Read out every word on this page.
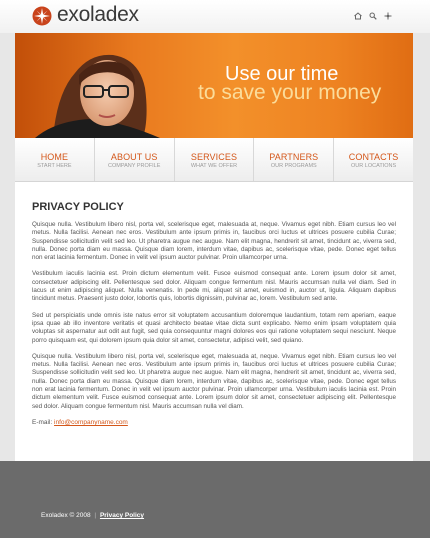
exoladex
Use our time
to save your money
HOME
START HERE
ABOUT US
COMPANY PROFILE
SERVICES
WHAT WE OFFER
PARTNERS
OUR PROGRAMS
CONTACTS
OUR LOCATIONS
PRIVACY POLICY

Quisque nulla. Vestibulum libero nisl, porta vel, scelerisque eget, malesuada at, neque. Vivamus eget nibh. Etiam cursus leo vel metus. Nulla facilisi. Aenean nec eros. Vestibulum ante ipsum primis in, faucibus orci luctus et ultrices posuere cubilia Curae; Suspendisse sollicitudin velit sed leo. Ut pharetra augue nec augue. Nam elit magna, hendrerit sit amet, tincidunt ac, viverra sed, nulla. Donec porta diam eu massa. Quisque diam lorem, interdum vitae, dapibus ac, scelerisque vitae, pede. Donec eget tellus non erat lacinia fermentum. Donec in velit vel ipsum auctor pulvinar. Proin ullamcorper urna.

Vestibulum iaculis lacinia est. Proin dictum elementum velit. Fusce euismod consequat ante. Lorem ipsum dolor sit amet, consectetuer adipiscing elit. Pellentesque sed dolor. Aliquam congue fermentum nisl. Mauris accumsan nulla vel diam. Sed in lacus ut enim adipiscing aliquet. Nulla venenatis. In pede mi, aliquet sit amet, euismod in, auctor ut, ligula. Aliquam dapibus tincidunt metus. Praesent justo dolor, lobortis quis, lobortis dignissim, pulvinar ac, lorem. Vestibulum sed ante.

Sed ut perspiciatis unde omnis iste natus error sit voluptatem accusantium doloremque laudantium, totam rem aperiam, eaque ipsa quae ab illo inventore veritatis et quasi architecto beatae vitae dicta sunt explicabo. Nemo enim ipsam voluptatem quia voluptas sit aspernatur aut odit aut fugit, sed quia consequuntur magni dolores eos qui ratione voluptatem sequi nesciunt. Neque porro quisquam est, qui dolorem ipsum quia dolor sit amet, consectetur, adipisci velit, sed quiano.

Quisque nulla. Vestibulum libero nisl, porta vel, scelerisque eget, malesuada at, neque. Vivamus eget nibh. Etiam cursus leo vel metus. Nulla facilisi. Aenean nec eros. Vestibulum ante ipsum primis in, faucibus orci luctus et ultrices posuere cubilia Curae; Suspendisse sollicitudin velit sed leo. Ut pharetra augue nec augue. Nam elit magna, hendrerit sit amet, tincidunt ac, viverra sed, nulla. Donec porta diam eu massa. Quisque diam lorem, interdum vitae, dapibus ac, scelerisque vitae, pede. Donec eget tellus non erat lacinia fermentum. Donec in velit vel ipsum auctor pulvinar. Proin ullamcorper urna. Vestibulum iaculis lacinia est. Proin dictum elementum velit. Fusce euismod consequat ante. Lorem ipsum dolor sit amet, consectetuer adipiscing elit. Pellentesque sed dolor. Aliquam congue fermentum nisl. Mauris accumsan nulla vel diam.

E-mail: info@companyname.com
Exoladex © 2008 | Privacy Policy
